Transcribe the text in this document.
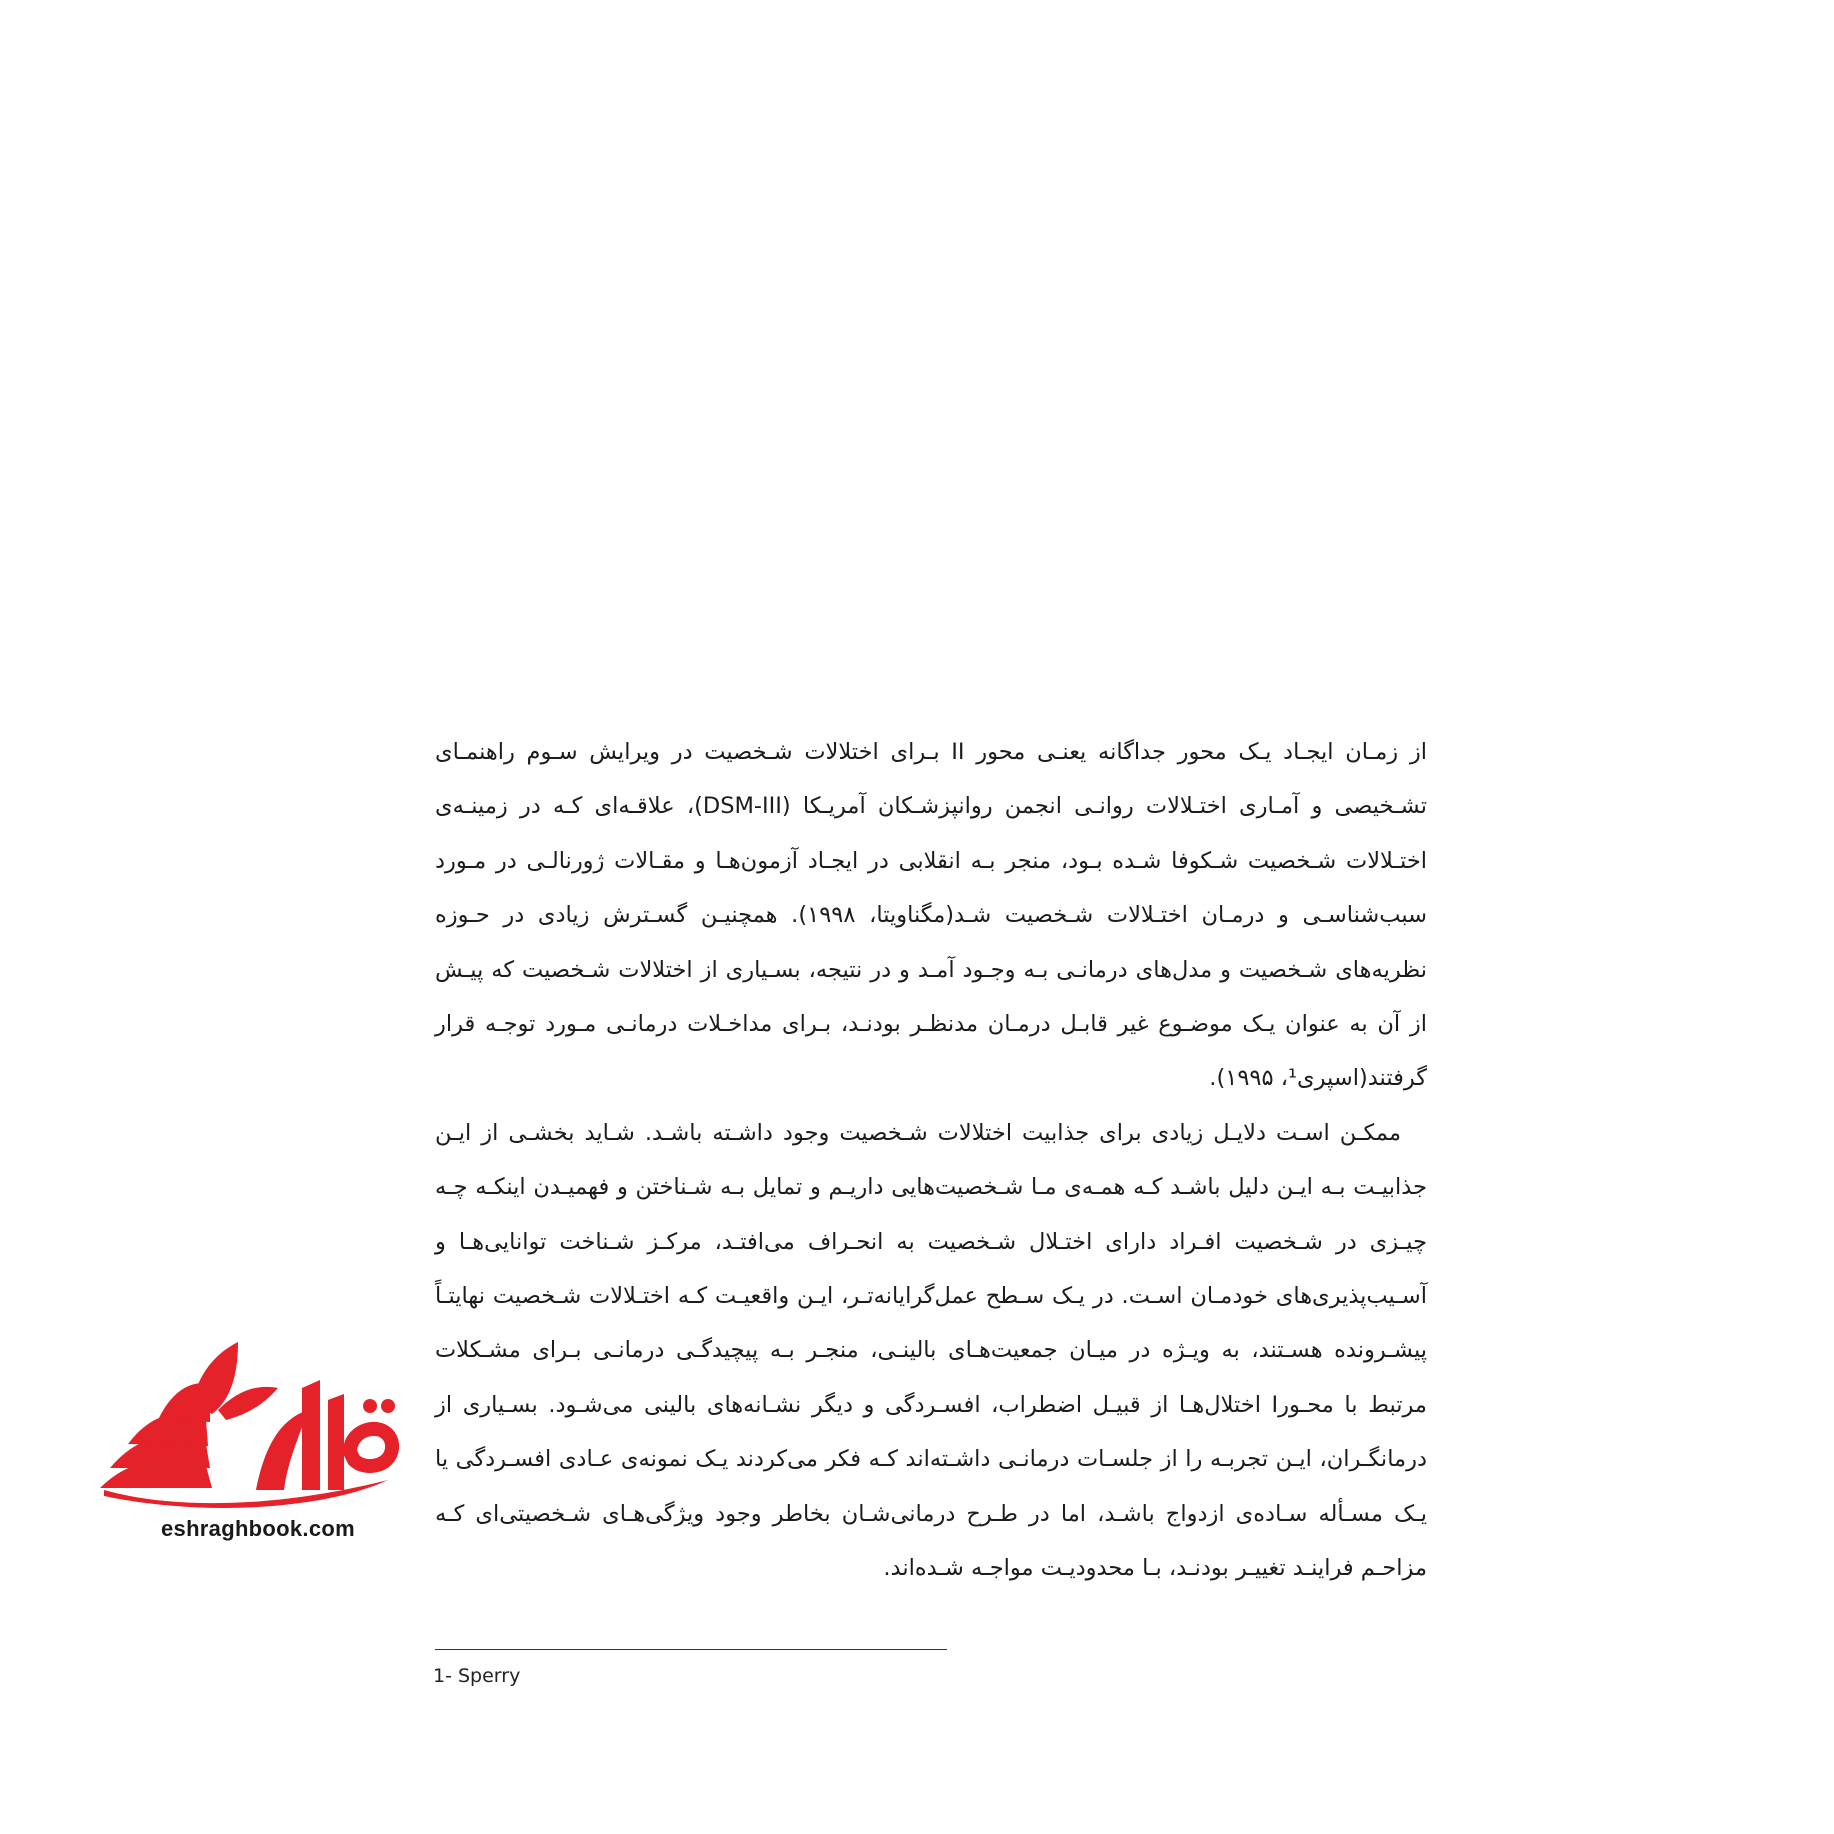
از زمـان ایجـاد یـک محور جداگانه یعنـی محور II بـرای اختلالات شـخصیت در ویرایش سـوم راهنمـای تشـخیصی و آمـاری اختـلالات روانـی انجمن روانپزشـکان آمریـکا (DSM-III)، علاقـه‌ای کـه در زمینـه‌ی اختـلالات شـخصیت شـکوفا شـده بـود، منجر بـه انقلابی در ایجـاد آزمون‌هـا و مقـالات ژورنالـی در مـورد سبب‌شناسـی و درمـان اختـلالات شـخصیت شـد(مگناویتا، ۱۹۹۸). همچنیـن گسـترش زیادی در حـوزه نظریه‌های شـخصیت و مدل‌های درمانـی بـه وجـود آمـد و در نتیجه، بسـیاری از اختلالات شـخصیت که پیـش از آن به عنوان یـک موضـوع غیر قابـل درمـان مدنظـر بودنـد، بـرای مداخـلات درمانـی مـورد توجـه قرار گرفتند(اسپری¹، ۱۹۹۵).

ممکـن اسـت دلایـل زیادی برای جذابیت اختلالات شـخصیت وجود داشـته باشـد. شـاید بخشـی از ایـن جذابیـت بـه ایـن دلیل باشـد کـه همـه‌ی مـا شـخصیت‌هایی داریـم و تمایل بـه شـناختن و فهمیـدن اینکـه چـه چیـزی در شـخصیت افـراد دارای اختـلال شـخصیت به انحـراف می‌افتـد، مرکـز شـناخت توانایی‌هـا و آسـیب‌پذیری‌های خودمـان اسـت. در یـک سـطح عمل‌گرایانه‌تـر، ایـن واقعیـت کـه اختـلالات شـخصیت نهایتـاً پیشـرونده هسـتند، به ویـژه در میـان جمعیت‌هـای بالینـی، منجـر بـه پیچیدگـی درمانـی بـرای مشـکلات مرتبط با محـورI اختلال‌هـا از قبیـل اضطراب، افسـردگی و دیگر نشـانه‌های بالینی می‌شـود. بسـیاری از درمانگـران، ایـن تجربـه را از جلسـات درمانـی داشـته‌اند کـه فکر می‌کردند یـک نمونه‌ی عـادی افسـردگی یا یـک مسـأله سـاده‌ی ازدواج باشـد، اما در طـرح درمانی‌شـان بخاطر وجود ویژگی‌هـای شـخصیتی‌ای کـه مزاحـم فراینـد تغییـر بودنـد، بـا محدودیـت مواجـه شـده‌اند.

1- Sperry
eshraghbook.com
